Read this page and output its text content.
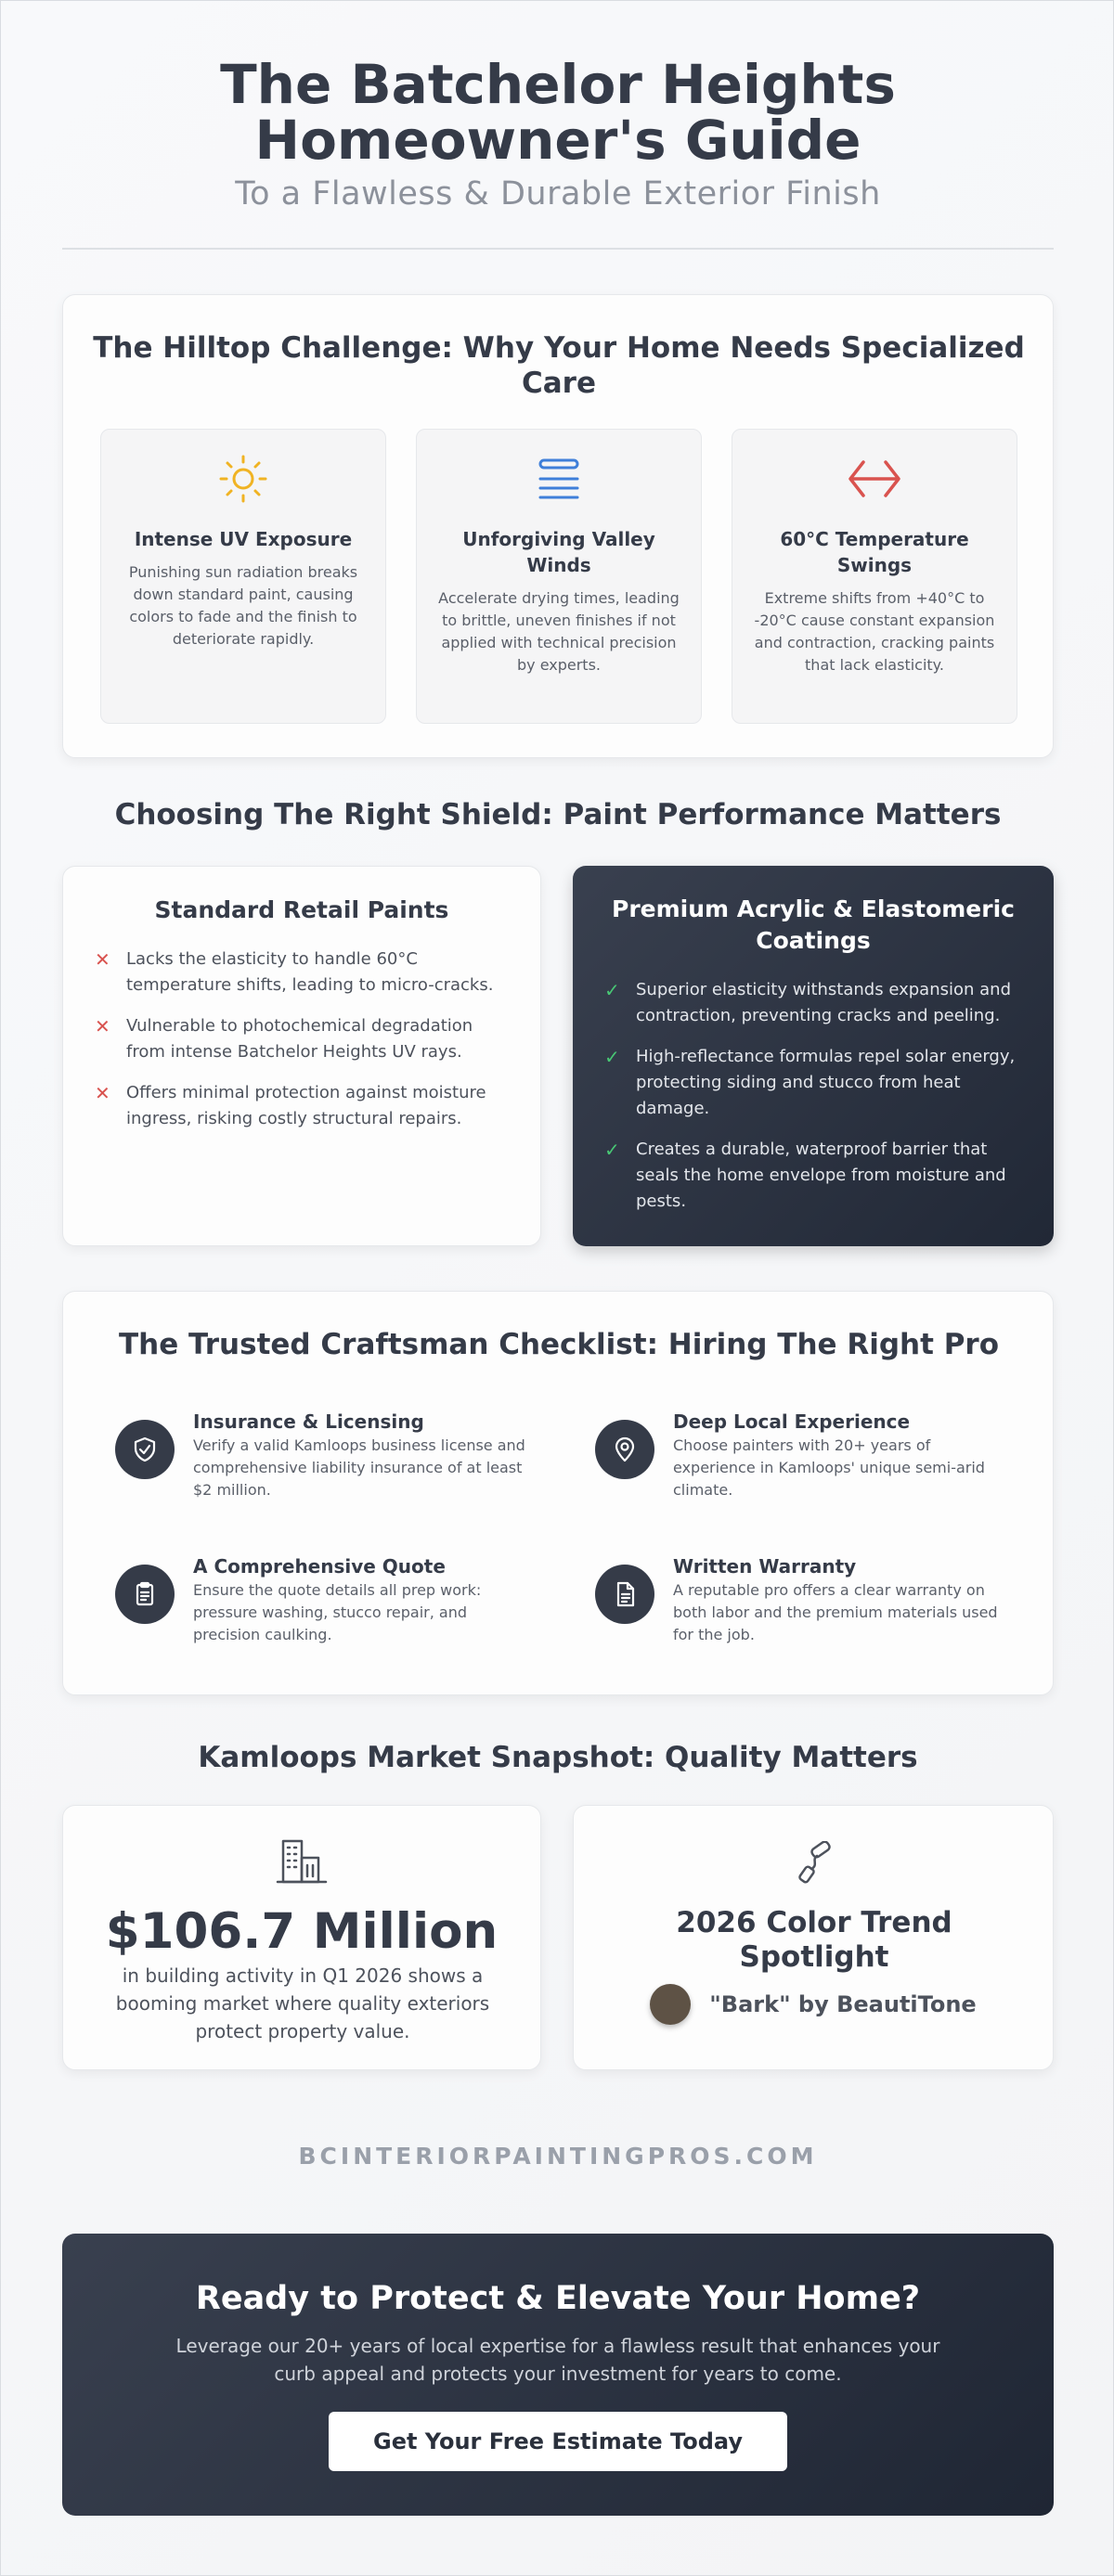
The Batchelor Heights Homeowner's Guide
To a Flawless & Durable Exterior Finish
The Hilltop Challenge: Why Your Home Needs Specialized Care
Intense UV Exposure

Punishing sun radiation breaks down standard paint, causing colors to fade and the finish to deteriorate rapidly.

Unforgiving Valley Winds

Accelerate drying times, leading to brittle, uneven finishes if not applied with technical precision by experts.

60°C Temperature Swings

Extreme shifts from +40°C to -20°C cause constant expansion and contraction, cracking paints that lack elasticity.

Choosing The Right Shield: Paint Performance Matters
Standard Retail Paints
✕ Lacks the elasticity to handle 60°C temperature shifts, leading to micro-cracks.
✕ Vulnerable to photochemical degradation from intense Batchelor Heights UV rays.
✕ Offers minimal protection against moisture ingress, risking costly structural repairs.
Premium Acrylic & Elastomeric Coatings
✓ Superior elasticity withstands expansion and contraction, preventing cracks and peeling.
✓ High-reflectance formulas repel solar energy, protecting siding and stucco from heat damage.
✓ Creates a durable, waterproof barrier that seals the home envelope from moisture and pests.
The Trusted Craftsman Checklist: Hiring The Right Pro
Insurance & Licensing

Verify a valid Kamloops business license and comprehensive liability insurance of at least $2 million.

Deep Local Experience

Choose painters with 20+ years of experience in Kamloops' unique semi-arid climate.

A Comprehensive Quote

Ensure the quote details all prep work: pressure washing, stucco repair, and precision caulking.

Written Warranty

A reputable pro offers a clear warranty on both labor and the premium materials used for the job.

Kamloops Market Snapshot: Quality Matters
$106.7 Million
in building activity in Q1 2026 shows a booming market where quality exteriors protect property value.
2026 Color Trend Spotlight
"Bark" by BeautiTone
BCINTERIORPAINTINGPROS.COM
Ready to Protect & Elevate Your Home?
Leverage our 20+ years of local expertise for a flawless result that enhances your curb appeal and protects your investment for years to come.
Get Your Free Estimate Today
